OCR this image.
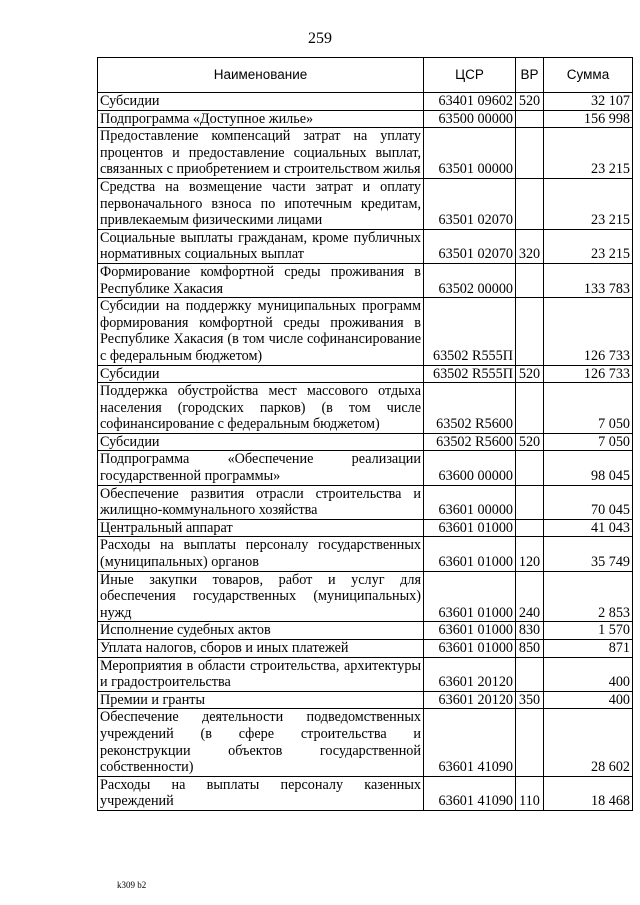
259
Наименование	ЦСР	ВР	Сумма
Субсидии	63401 09602	520	32 107
Подпрограмма «Доступное жилье»	63500 00000		156 998
Предоставление компенсаций затрат на уплату процентов и предоставление социальных выплат, связанных с приобретением и строительством жилья	63501 00000		23 215
Средства на возмещение части затрат и оплату первоначального взноса по ипотечным кредитам, привлекаемым физическими лицами	63501 02070		23 215
Социальные выплаты гражданам, кроме публичных нормативных социальных выплат	63501 02070	320	23 215
Формирование комфортной среды проживания в Республике Хакасия	63502 00000		133 783
Субсидии на поддержку муниципальных программ формирования комфортной среды проживания в Республике Хакасия (в том числе софинансирование с федеральным бюджетом)	63502 R555П		126 733
Субсидии	63502 R555П	520	126 733
Поддержка обустройства мест массового отдыха населения (городских парков) (в том числе софинансирование с федеральным бюджетом)	63502 R5600		7 050
Субсидии	63502 R5600	520	7 050
Подпрограмма «Обеспечение реализации государственной программы»	63600 00000		98 045
Обеспечение развития отрасли строительства и жилищно-коммунального хозяйства	63601 00000		70 045
Центральный аппарат	63601 01000		41 043
Расходы на выплаты персоналу государственных (муниципальных) органов	63601 01000	120	35 749
Иные закупки товаров, работ и услуг для обеспечения государственных (муниципальных) нужд	63601 01000	240	2 853
Исполнение судебных актов	63601 01000	830	1 570
Уплата налогов, сборов и иных платежей	63601 01000	850	871
Мероприятия в области строительства, архитектуры и градостроительства	63601 20120		400
Премии и гранты	63601 20120	350	400
Обеспечение деятельности подведомственных учреждений (в сфере строительства и реконструкции объектов государственной собственности)	63601 41090		28 602
Расходы на выплаты персоналу казенных учреждений	63601 41090	110	18 468
k309 b2
